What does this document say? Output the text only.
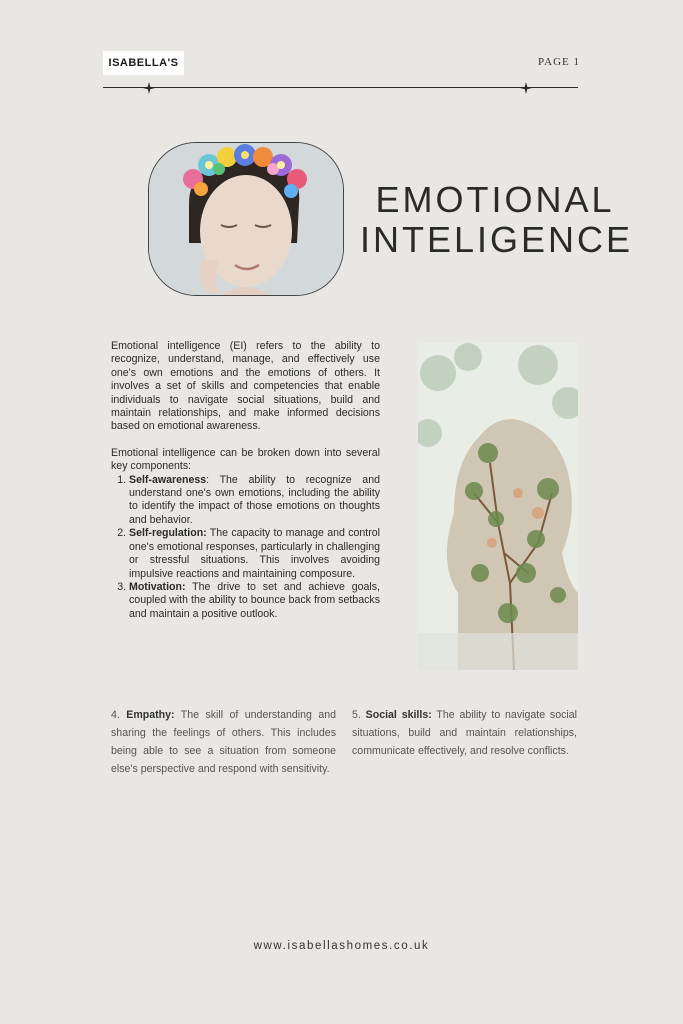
ISABELLA'S	PAGE 1
EMOTIONAL
INTELIGENCE

Emotional intelligence (EI) refers to the ability to recognize, understand, manage, and effectively use one's own emotions and the emotions of others. It involves a set of skills and competencies that enable individuals to navigate social situations, build and maintain relationships, and make informed decisions based on emotional awareness.

Emotional intelligence can be broken down into several key components:

1. Self-awareness: The ability to recognize and understand one's own emotions, including the ability to identify the impact of those emotions on thoughts and behavior.
2. Self-regulation: The capacity to manage and control one's emotional responses, particularly in challenging or stressful situations. This involves avoiding impulsive reactions and maintaining composure.
3. Motivation: The drive to set and achieve goals, coupled with the ability to bounce back from setbacks and maintain a positive outlook.
4. Empathy: The skill of understanding and sharing the feelings of others. This includes being able to see a situation from someone else's perspective and respond with sensitivity.
5. Social skills: The ability to navigate social situations, build and maintain relationships, communicate effectively, and resolve conflicts.
www.isabellashomes.co.uk
